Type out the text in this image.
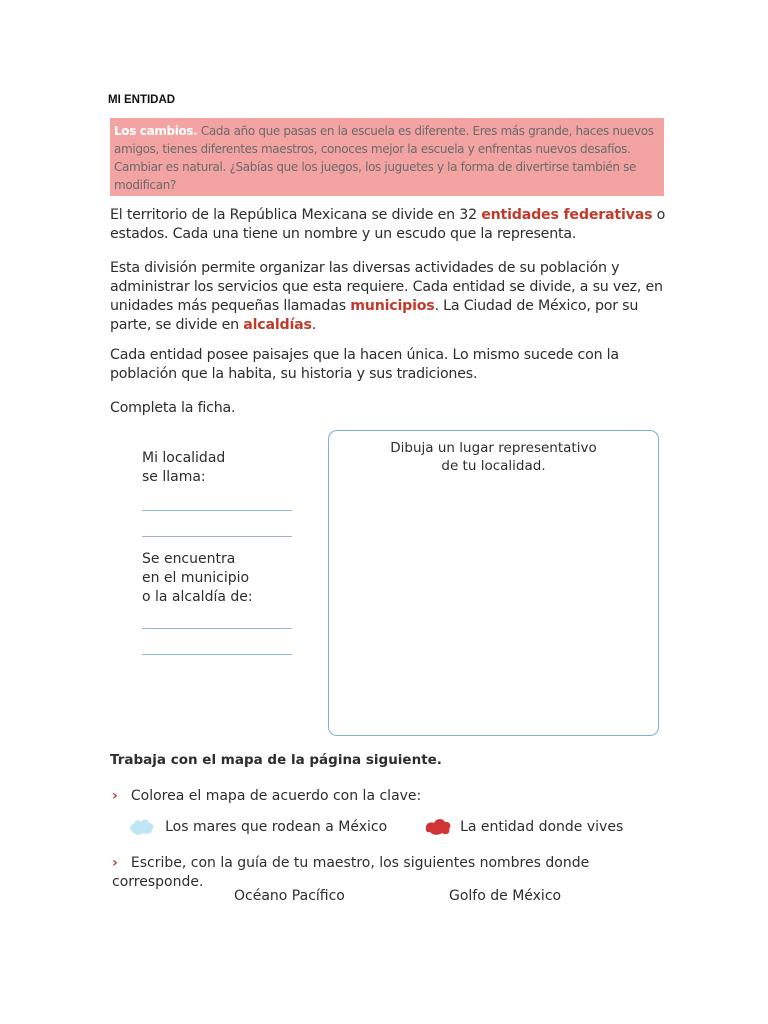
MI ENTIDAD
Los cambios. Cada año que pasas en la escuela es diferente. Eres más grande, haces nuevos amigos, tienes diferentes maestros, conoces mejor la escuela y enfrentas nuevos desafíos. Cambiar es natural. ¿Sabías que los juegos, los juguetes y la forma de divertirse también se modifican?
El territorio de la República Mexicana se divide en 32 entidades federativas o estados. Cada una tiene un nombre y un escudo que la representa.
Esta división permite organizar las diversas actividades de su población y administrar los servicios que esta requiere. Cada entidad se divide, a su vez, en unidades más pequeñas llamadas municipios. La Ciudad de México, por su parte, se divide en alcaldías.
Cada entidad posee paisajes que la hacen única. Lo mismo sucede con la población que la habita, su historia y sus tradiciones.
Completa la ficha.
Mi localidad
se llama:
Se encuentra
en el municipio
o la alcaldía de:
Dibuja un lugar representativo
de tu localidad.
Trabaja con el mapa de la página siguiente.
› Colorea el mapa de acuerdo con la clave:
Los mares que rodean a México	La entidad donde vives
› Escribe, con la guía de tu maestro, los siguientes nombres donde corresponde.
Océano Pacífico	Golfo de México
